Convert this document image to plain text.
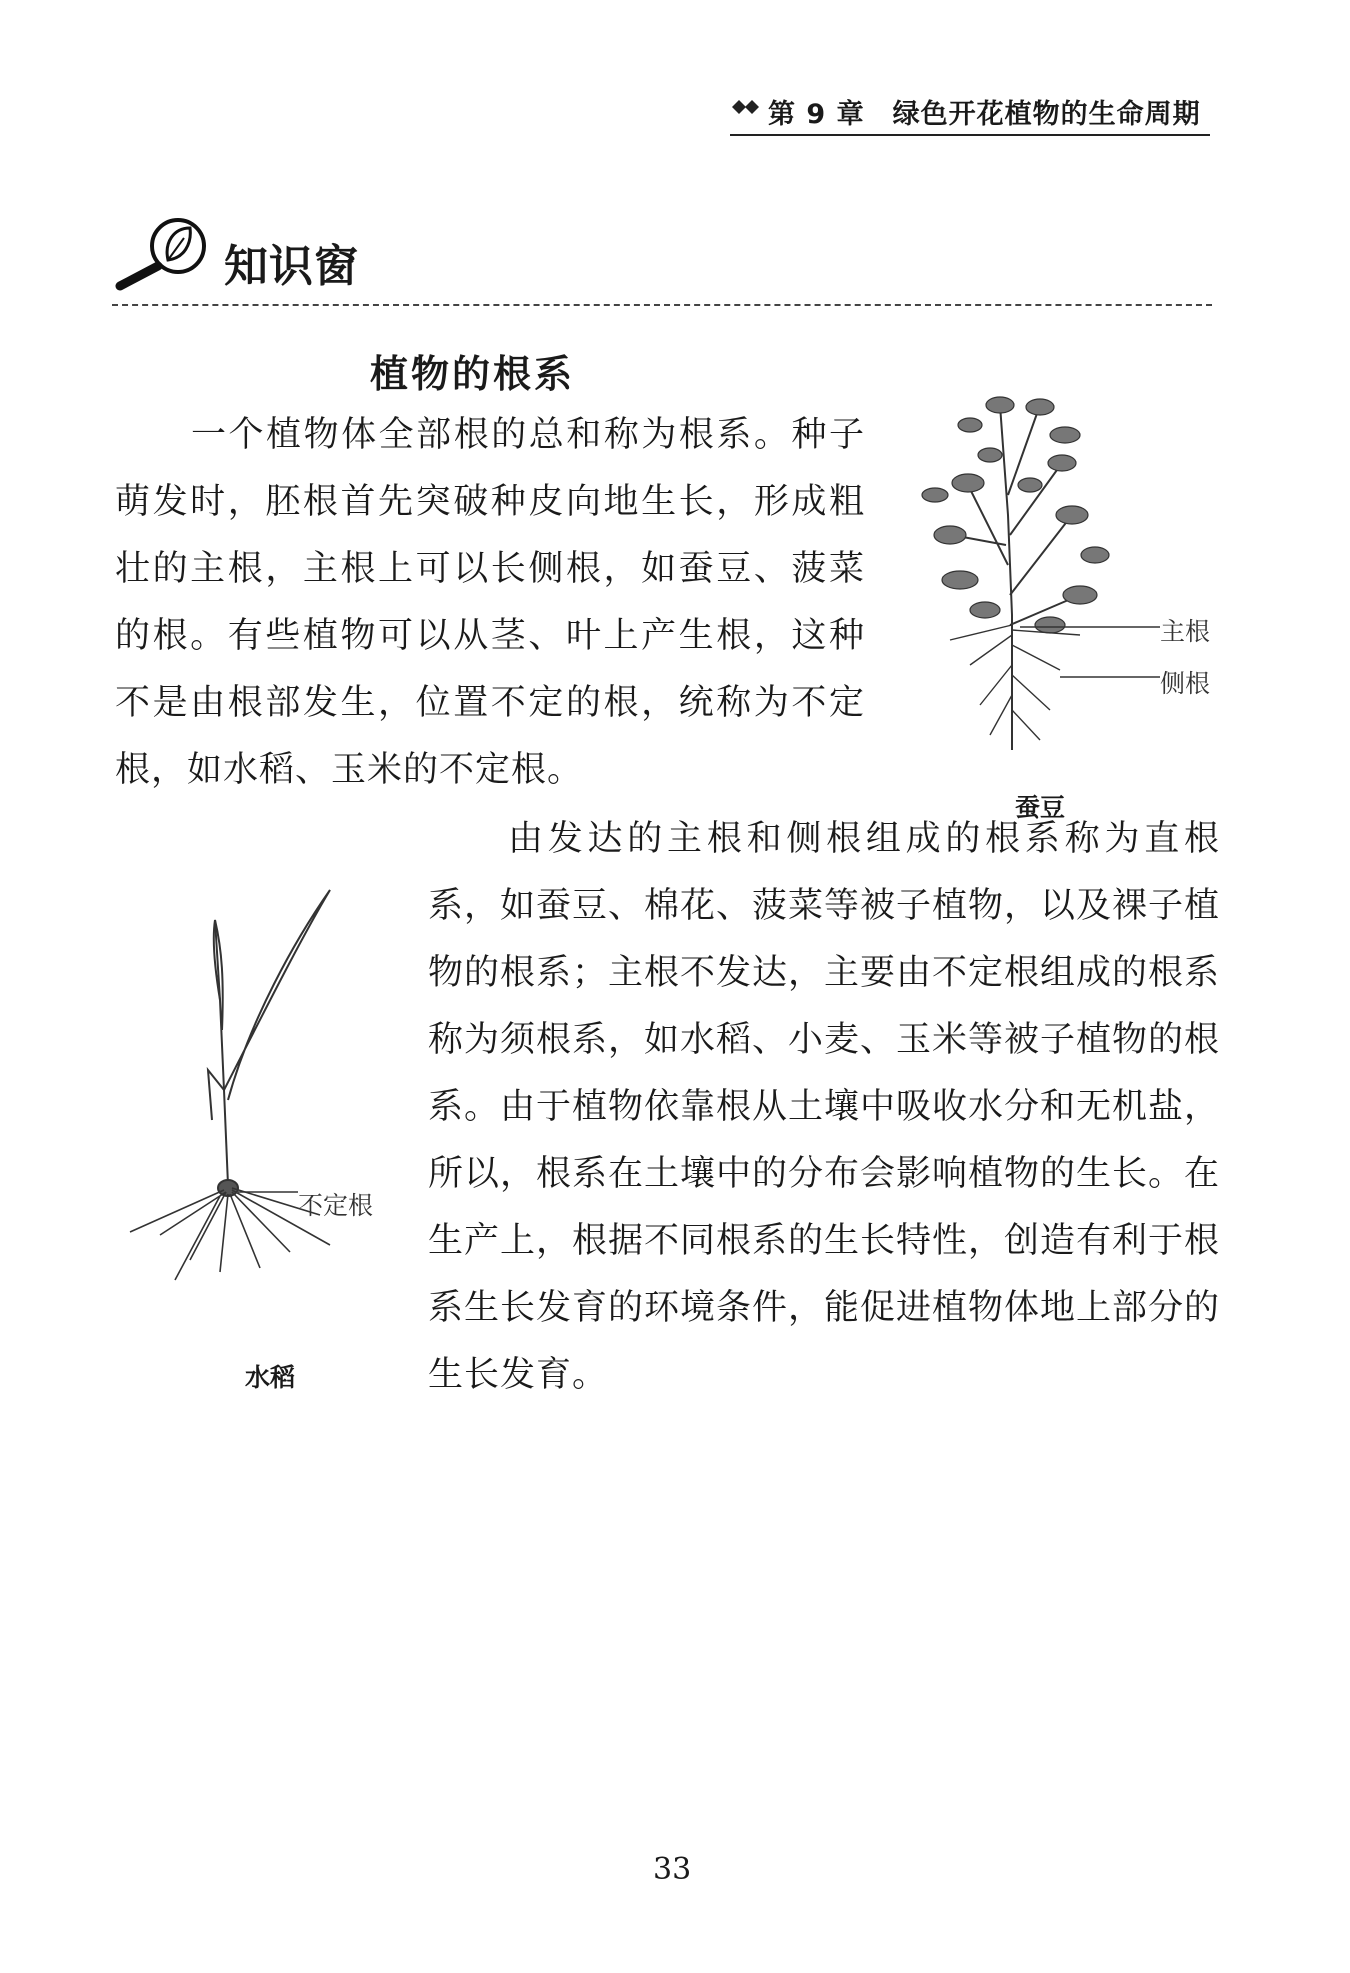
第 9 章　绿色开花植物的生命周期
知识窗
植物的根系

一个植物体全部根的总和称为根系。种子萌发时，胚根首先突破种皮向地生长，形成粗壮的主根，主根上可以长侧根，如蚕豆、菠菜的根。有些植物可以从茎、叶上产生根，这种不是由根部发生，位置不定的根，统称为不定根，如水稻、玉米的不定根。

主根
侧根
蚕豆
不定根
水稻

由发达的主根和侧根组成的根系称为直根系，如蚕豆、棉花、菠菜等被子植物，以及裸子植物的根系；主根不发达，主要由不定根组成的根系称为须根系，如水稻、小麦、玉米等被子植物的根系。由于植物依靠根从土壤中吸收水分和无机盐，所以，根系在土壤中的分布会影响植物的生长。在生产上，根据不同根系的生长特性，创造有利于根系生长发育的环境条件，能促进植物体地上部分的生长发育。

33
